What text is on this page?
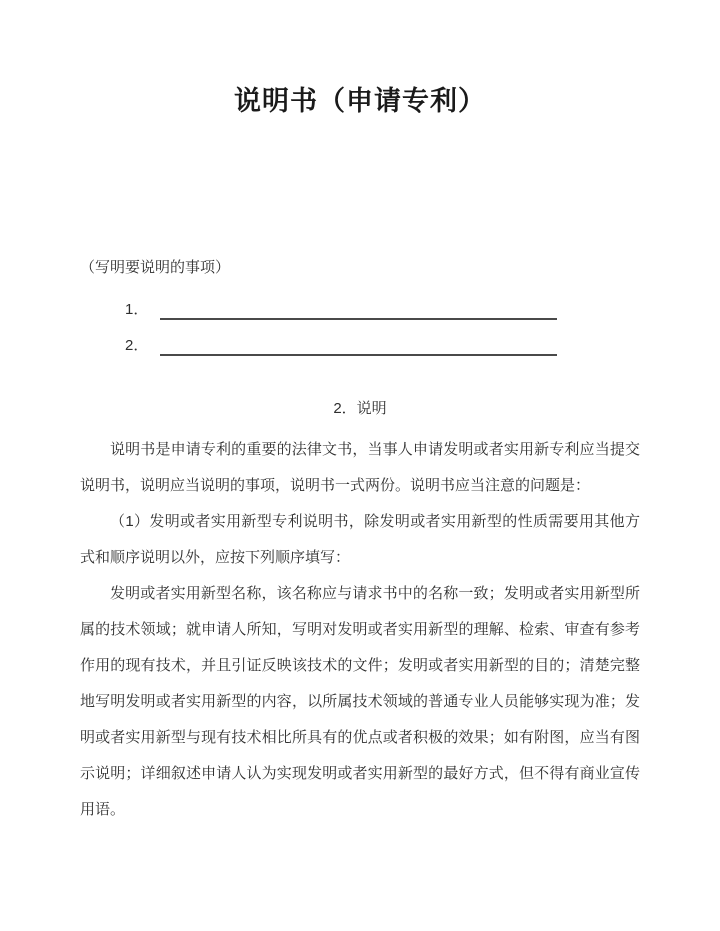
说明书（申请专利）
（写明要说明的事项）
1．
2．
2．说明

说明书是申请专利的重要的法律文书，当事人申请发明或者实用新专利应当提交说明书，说明应当说明的事项，说明书一式两份。说明书应当注意的问题是：

（1）发明或者实用新型专利说明书，除发明或者实用新型的性质需要用其他方式和顺序说明以外，应按下列顺序填写：

发明或者实用新型名称，该名称应与请求书中的名称一致；发明或者实用新型所属的技术领域；就申请人所知，写明对发明或者实用新型的理解、检索、审查有参考作用的现有技术，并且引证反映该技术的文件；发明或者实用新型的目的；清楚完整地写明发明或者实用新型的内容，以所属技术领域的普通专业人员能够实现为准；发明或者实用新型与现有技术相比所具有的优点或者积极的效果；如有附图，应当有图示说明；详细叙述申请人认为实现发明或者实用新型的最好方式，但不得有商业宣传用语。
